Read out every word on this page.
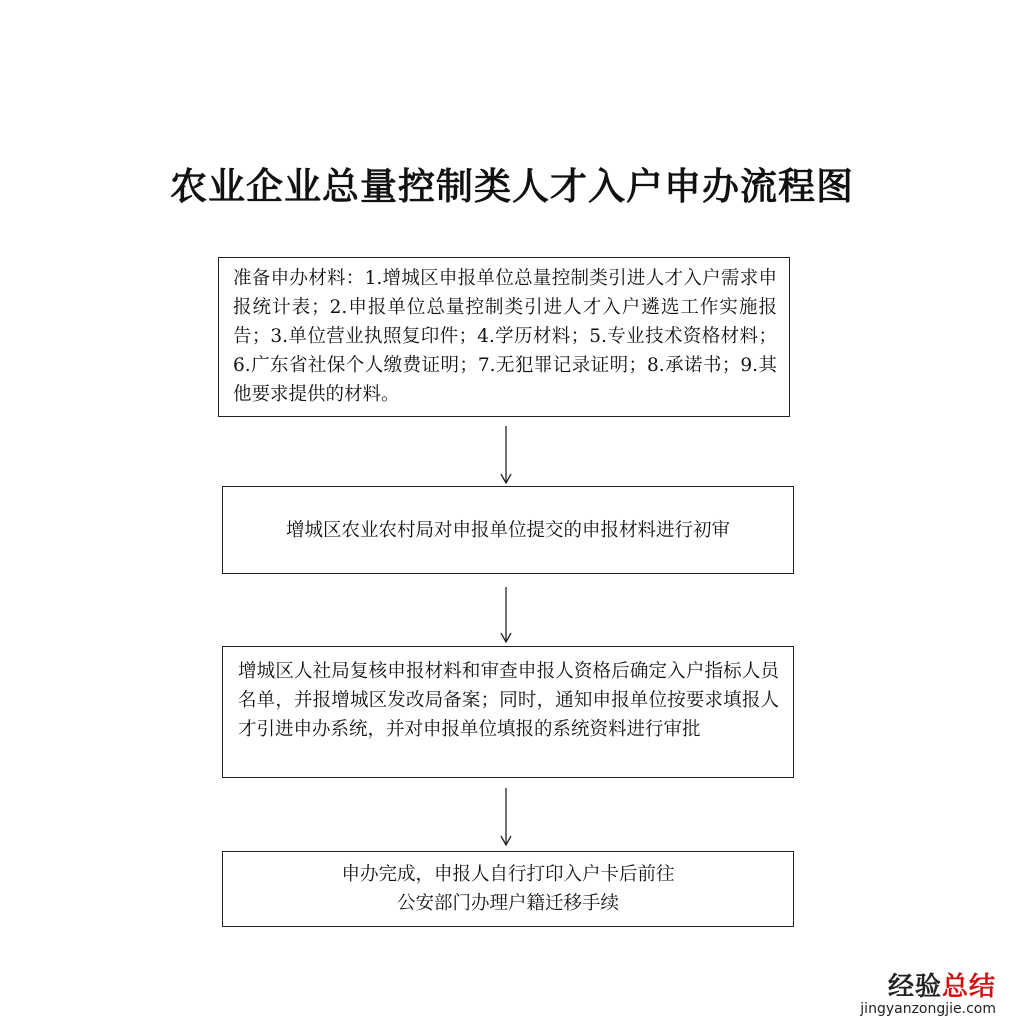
农业企业总量控制类人才入户申办流程图
准备申办材料：1.增城区申报单位总量控制类引进人才入户需求申报统计表；2.申报单位总量控制类引进人才入户遴选工作实施报告；3.单位营业执照复印件；4.学历材料；5.专业技术资格材料；6.广东省社保个人缴费证明；7.无犯罪记录证明；8.承诺书；9.其他要求提供的材料。
增城区农业农村局对申报单位提交的申报材料进行初审
增城区人社局复核申报材料和审查申报人资格后确定入户指标人员名单，并报增城区发改局备案；同时，通知申报单位按要求填报人才引进申办系统，并对申报单位填报的系统资料进行审批
申办完成，申报人自行打印入户卡后前往
公安部门办理户籍迁移手续
经验总结
jingyanzongjie.com
